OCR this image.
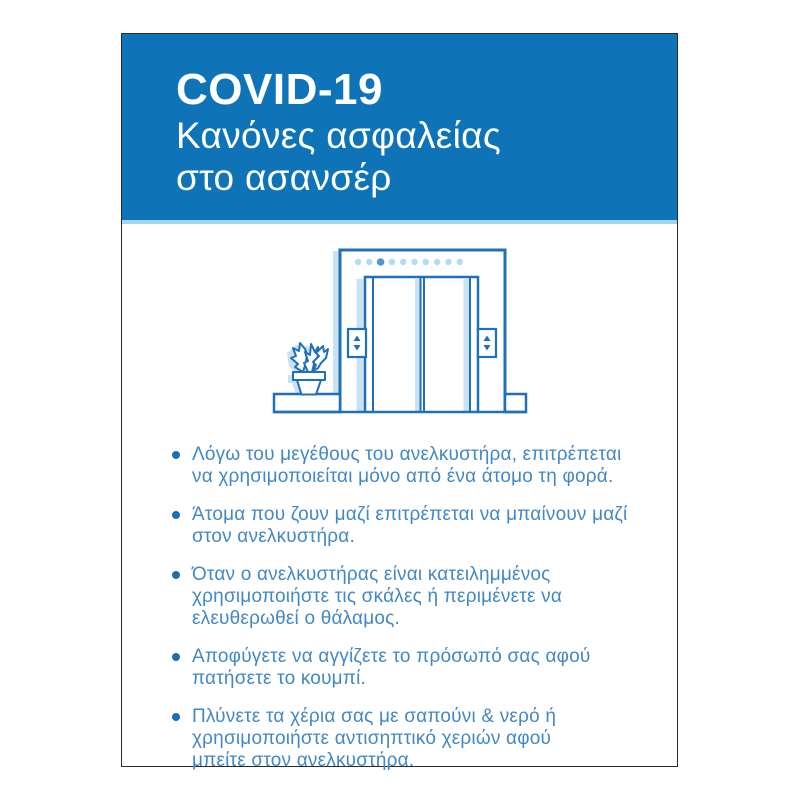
COVID-19
Κανόνες ασφαλείας
στο ασανσέρ
Λόγω του μεγέθους του ανελκυστήρα, επιτρέπεται
να χρησιμοποιείται μόνο από ένα άτομο τη φορά.
Άτομα που ζουν μαζί επιτρέπεται να μπαίνουν μαζί
στον ανελκυστήρα.
Όταν ο ανελκυστήρας είναι κατειλημμένος
χρησιμοποιήστε τις σκάλες ή περιμένετε να
ελευθερωθεί ο θάλαμος.
Αποφύγετε να αγγίζετε το πρόσωπό σας αφού
πατήσετε το κουμπί.
Πλύνετε τα χέρια σας με σαπούνι & νερό ή
χρησιμοποιήστε αντισηπτικό χεριών αφού
μπείτε στον ανελκυστήρα.
